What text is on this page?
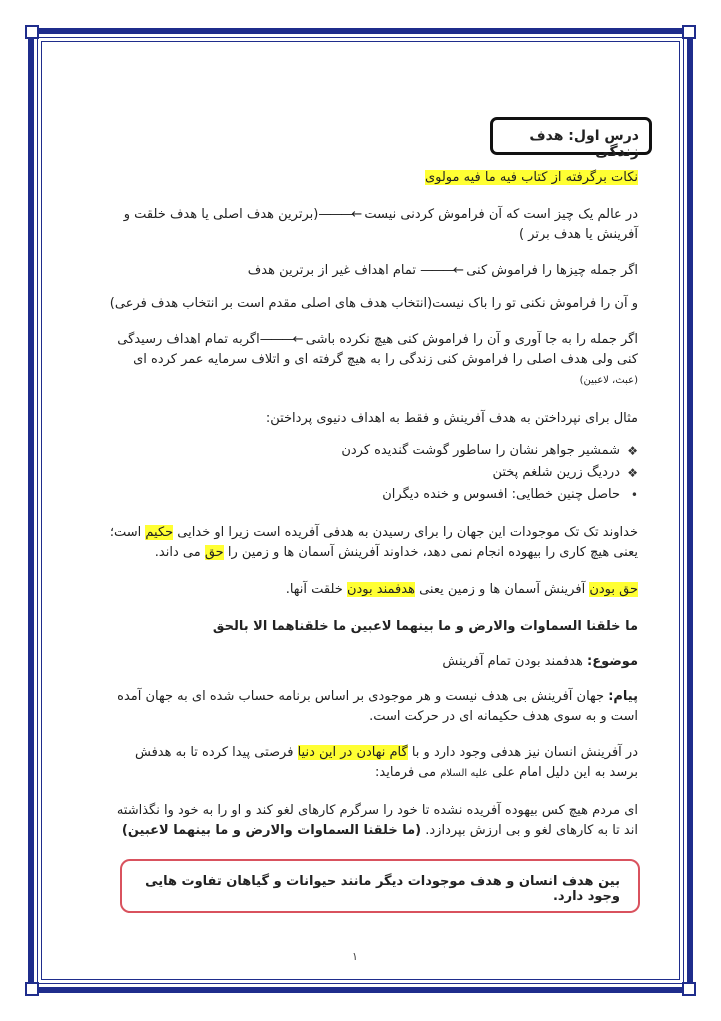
درس اول: هدف زندگی
نکات برگرفته از کتاب فیه ما فیه مولوی
در عالم یک چیز است که آن فراموش کردنی نیست ←———(برترین هدف اصلی یا هدف خلقت و آفرینش یا هدف برتر )
اگر جمله چیزها را فراموش کنی ←——— تمام اهداف غیر از برترین هدف
و آن را فراموش نکنی تو را باک نیست(انتخاب هدف های اصلی مقدم است بر انتخاب هدف فرعی)
اگر جمله را به جا آوری و آن را فراموش کنی هیچ نکرده باشی ←———اگربه تمام اهداف رسیدگی کنی ولی هدف اصلی را فراموش کنی زندگی را به هیچ گرفته ای و اتلاف سرمایه عمر کرده ای
(عبث، لاعبین)
مثال برای نپرداختن به هدف آفرینش و فقط به اهداف دنیوی پرداختن:
❖
شمشیر جواهر نشان را ساطور گوشت گندیده کردن
❖
دردیگ زرین شلغم پختن
•
حاصل چنین خطایی: افسوس و خنده دیگران
خداوند تک تک موجودات این جهان را برای رسیدن به هدفی آفریده است زیرا او خدایی حکیم است؛ یعنی هیچ کاری را بیهوده انجام نمی دهد، خداوند آفرینش آسمان ها و زمین را حق می داند.
حق بودن آفرینش آسمان ها و زمین یعنی هدفمند بودن خلقت آنها.
ما خلقنا السماوات والارض و ما بینهما لاعبین ما خلقناهما الا بالحق
موضوع: هدفمند بودن تمام آفرینش
پیام: جهان آفرینش بی هدف نیست و هر موجودی بر اساس برنامه حساب شده ای به جهان آمده است و به سوی هدف حکیمانه ای در حرکت است.
در آفرینش انسان نیز هدفی وجود دارد و با گام نهادن در این دنیا فرصتی پیدا کرده تا به هدفش برسد به این دلیل امام علی علیه السلام می فرماید:
ای مردم هیچ کس بیهوده آفریده نشده تا خود را سرگرم کارهای لغو کند و او را به خود وا نگذاشته اند تا به کارهای لغو و بی ارزش بپردازد. (ما خلقنا السماوات والارض و ما بینهما لاعبین)
بین هدف انسان و هدف موجودات دیگر مانند حیوانات و گیاهان تفاوت هایی وجود دارد.
۱
